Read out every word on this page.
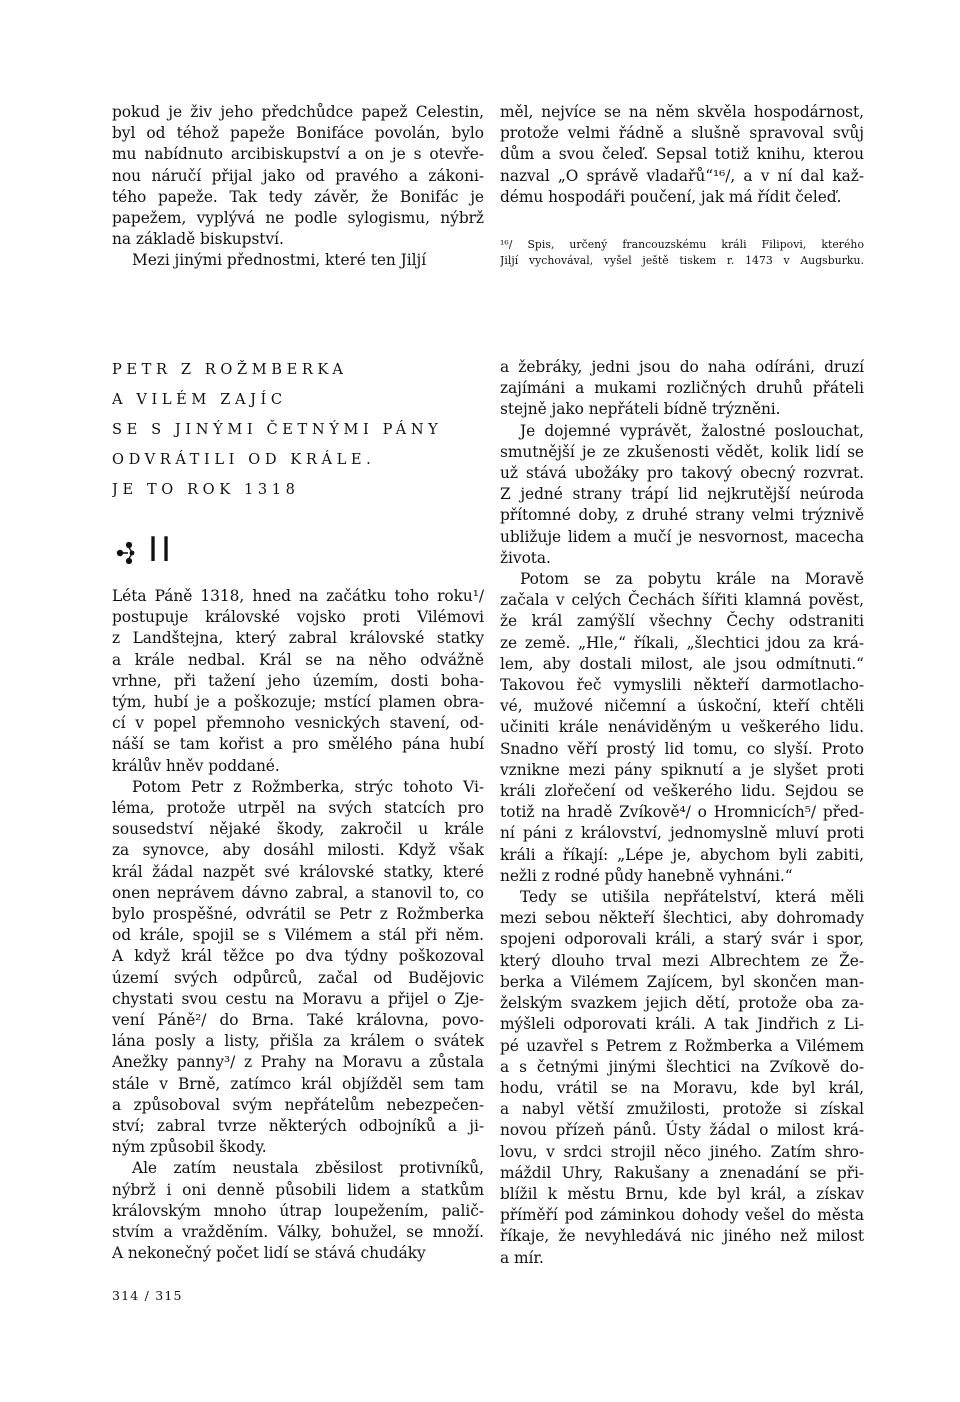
pokud je živ jeho předchůdce papež Celestin,
byl od téhož papeže Bonifáce povolán, bylo
mu nabídnuto arcibiskupství a on je s otevře-
nou náručí přijal jako od pravého a zákoni-
tého papeže. Tak tedy závěr, že Bonifác je
papežem, vyplývá ne podle sylogismu, nýbrž
na základě biskupství.
Mezi jinými přednostmi, které ten Jiljí
měl, nejvíce se na něm skvěla hospodárnost,
protože velmi řádně a slušně spravoval svůj
dům a svou čeleď. Sepsal totiž knihu, kterou
nazval „O správě vladařů“¹⁶/, a v ní dal kaž-
dému hospodáři poučení, jak má řídit čeleď.
¹⁶/ Spis, určený francouzskému králi Filipovi, kterého
Jiljí vychovával, vyšel ještě tiskem r. 1473 v Augsburku.
PETR Z ROŽMBERKA
A VILÉM ZAJÍC
SE S JINÝMI ČETNÝMI PÁNY
ODVRÁTILI OD KRÁLE.
JE TO ROK 1318
II
Léta Páně 1318, hned na začátku toho roku¹/
postupuje královské vojsko proti Vilémovi
z Landštejna, který zabral královské statky
a krále nedbal. Král se na něho odvážně
vrhne, při tažení jeho územím, dosti boha-
tým, hubí je a poškozuje; mstící plamen obra-
cí v popel přemnoho vesnických stavení, od-
náší se tam kořist a pro smělého pána hubí
králův hněv poddané.
Potom Petr z Rožmberka, strýc tohoto Vi-
léma, protože utrpěl na svých statcích pro
sousedství nějaké škody, zakročil u krále
za synovce, aby dosáhl milosti. Když však
král žádal nazpět své královské statky, které
onen neprávem dávno zabral, a stanovil to, co
bylo prospěšné, odvrátil se Petr z Rožmberka
od krále, spojil se s Vilémem a stál při něm.
A když král těžce po dva týdny poškozoval
území svých odpůrců, začal od Budějovic
chystati svou cestu na Moravu a přijel o Zje-
vení Páně²/ do Brna. Také královna, povo-
lána posly a listy, přišla za králem o svátek
Anežky panny³/ z Prahy na Moravu a zůstala
stále v Brně, zatímco král objížděl sem tam
a způsoboval svým nepřátelům nebezpečen-
ství; zabral tvrze některých odbojníků a ji-
ným způsobil škody.
Ale zatím neustala zběsilost protivníků,
nýbrž i oni denně působili lidem a statkům
královským mnoho útrap loupežením, palič-
stvím a vražděním. Války, bohužel, se množí.
A nekonečný počet lidí se stává chudáky
a žebráky, jedni jsou do naha odíráni, druzí
zajímáni a mukami rozličných druhů přáteli
stejně jako nepřáteli bídně trýzněni.
Je dojemné vyprávět, žalostné poslouchat,
smutnější je ze zkušenosti vědět, kolik lidí se
už stává ubožáky pro takový obecný rozvrat.
Z jedné strany trápí lid nejkrutější neúroda
přítomné doby, z druhé strany velmi trýznivě
ubližuje lidem a mučí je nesvornost, macecha
života.
Potom se za pobytu krále na Moravě
začala v celých Čechách šířiti klamná pověst,
že král zamýšlí všechny Čechy odstraniti
ze země. „Hle,“ říkali, „šlechtici jdou za krá-
lem, aby dostali milost, ale jsou odmítnuti.“
Takovou řeč vymyslili někteří darmotlacho-
vé, mužové ničemní a úskoční, kteří chtěli
učiniti krále nenáviděným u veškerého lidu.
Snadno věří prostý lid tomu, co slyší. Proto
vznikne mezi pány spiknutí a je slyšet proti
králi zlořečení od veškerého lidu. Sejdou se
totiž na hradě Zvíkově⁴/ o Hromnicích⁵/ před-
ní páni z království, jednomyslně mluví proti
králi a říkají: „Lépe je, abychom byli zabiti,
nežli z rodné půdy hanebně vyhnáni.“
Tedy se utišila nepřátelství, která měli
mezi sebou někteří šlechtici, aby dohromady
spojeni odporovali králi, a starý svár i spor,
který dlouho trval mezi Albrechtem ze Že-
berka a Vilémem Zajícem, byl skončen man-
želským svazkem jejich dětí, protože oba za-
mýšleli odporovati králi. A tak Jindřich z Li-
pé uzavřel s Petrem z Rožmberka a Vilémem
a s četnými jinými šlechtici na Zvíkově do-
hodu, vrátil se na Moravu, kde byl král,
a nabyl větší zmužilosti, protože si získal
novou přízeň pánů. Ústy žádal o milost krá-
lovu, v srdci strojil něco jiného. Zatím shro-
máždil Uhry, Rakušany a znenadání se při-
blížil k městu Brnu, kde byl král, a získav
příměří pod záminkou dohody vešel do města
říkaje, že nevyhledává nic jiného než milost
a mír.
314 / 315
